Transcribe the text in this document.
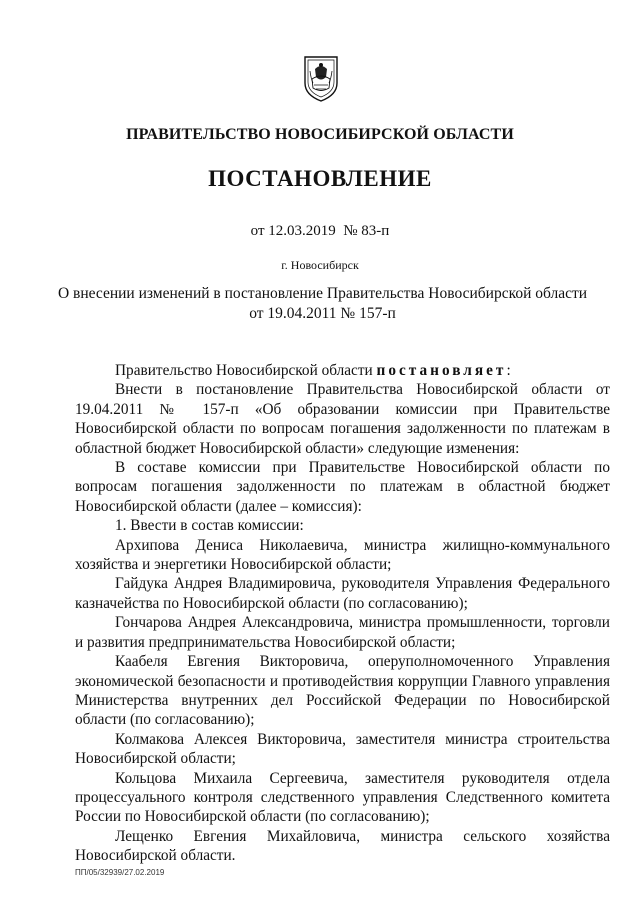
ПРАВИТЕЛЬСТВО НОВОСИБИРСКОЙ ОБЛАСТИ
ПОСТАНОВЛЕНИЕ
от 12.03.2019 № 83-п
г. Новосибирск
О внесении изменений в постановление Правительства Новосибирской области
от 19.04.2011 № 157-п

Правительство Новосибирской области постановляет:

Внести в постановление Правительства Новосибирской области от 19.04.2011 № 157-п «Об образовании комиссии при Правительстве Новосибирской области по вопросам погашения задолженности по платежам в областной бюджет Новосибирской области» следующие изменения:

В составе комиссии при Правительстве Новосибирской области по вопросам погашения задолженности по платежам в областной бюджет Новосибирской области (далее – комиссия):

1. Ввести в состав комиссии:

Архипова Дениса Николаевича, министра жилищно-коммунального хозяйства и энергетики Новосибирской области;

Гайдука Андрея Владимировича, руководителя Управления Федерального казначейства по Новосибирской области (по согласованию);

Гончарова Андрея Александровича, министра промышленности, торговли и развития предпринимательства Новосибирской области;

Каабеля Евгения Викторовича, оперуполномоченного Управления экономической безопасности и противодействия коррупции Главного управления Министерства внутренних дел Российской Федерации по Новосибирской области (по согласованию);

Колмакова Алексея Викторовича, заместителя министра строительства Новосибирской области;

Кольцова Михаила Сергеевича, заместителя руководителя отдела процессуального контроля следственного управления Следственного комитета России по Новосибирской области (по согласованию);

Лещенко Евгения Михайловича, министра сельского хозяйства Новосибирской области.

ПП/05/32939/27.02.2019
